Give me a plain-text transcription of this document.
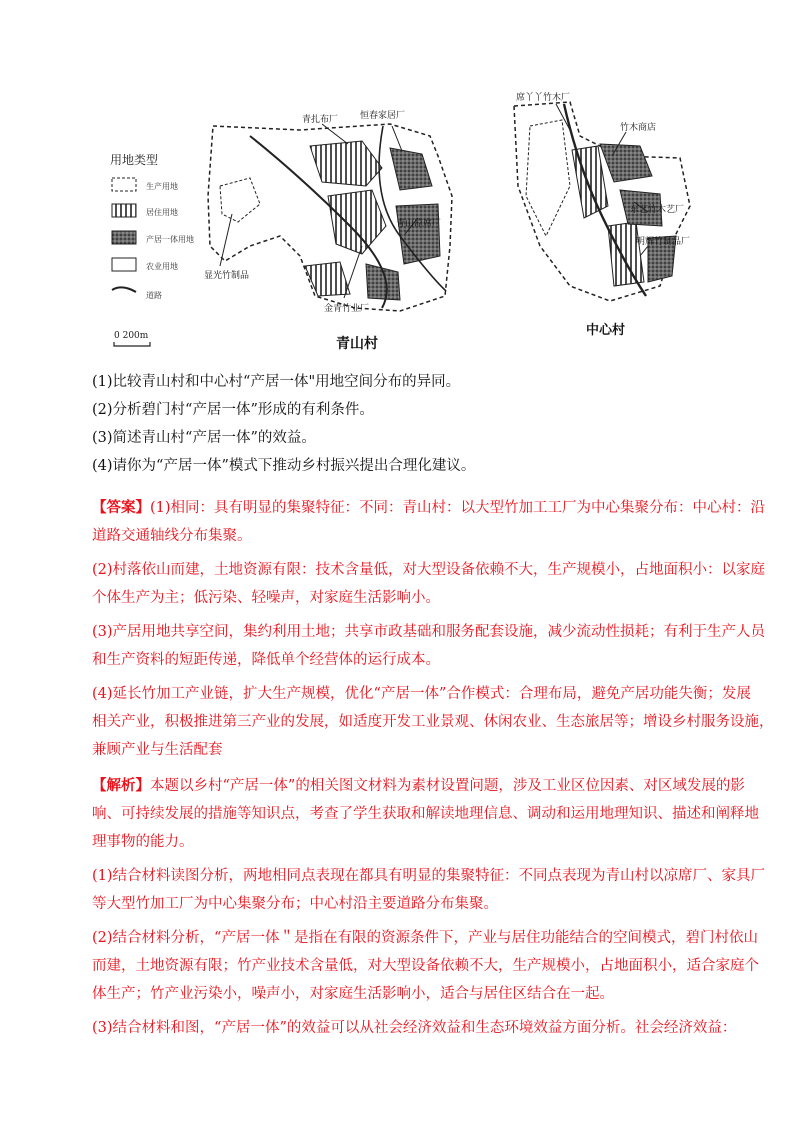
用地类型
生产用地
居住用地
产居一体用地
农业用地
道路
0 200m
青扎布厂 恒春家居厂
青山凉席厂
金青竹业厂
显光竹制品
青山村
席丫丫竹木厂
竹木商店
东艺竹木艺厂
明辉竹制品厂
中心村
(1)比较青山村和中心村“产居一体"用地空间分布的异同。
(2)分析碧门村“产居一体”形成的有利条件。
(3)简述青山村“产居一体”的效益。
(4)请你为“产居一体”模式下推动乡村振兴提出合理化建议。
【答案】(1)相同：具有明显的集聚特征：不同：青山村：以大型竹加工工厂为中心集聚分布：中心村：沿
道路交通轴线分布集聚。
(2)村落依山而建，土地资源有限：技术含量低，对大型设备依赖不大，生产规模小，占地面积小：以家庭
个体生产为主；低污染、轻噪声，对家庭生活影响小。
(3)产居用地共享空间，集约利用土地；共享市政基础和服务配套设施，减少流动性损耗；有利于生产人员
和生产资料的短距传递，降低单个经营体的运行成本。
(4)延长竹加工产业链，扩大生产规模，优化“产居一体”合作模式：合理布局，避免产居功能失衡；发展
相关产业，积极推进第三产业的发展，如适度开发工业景观、休闲农业、生态旅居等；增设乡村服务设施，
兼顾产业与生活配套
【解析】本题以乡村“产居一体”的相关图文材料为素材设置问题，涉及工业区位因素、对区域发展的影
响、可持续发展的措施等知识点，考查了学生获取和解读地理信息、调动和运用地理知识、描述和阐释地
理事物的能力。
(1)结合材料读图分析，两地相同点表现在都具有明显的集聚特征：不同点表现为青山村以凉席厂、家具厂
等大型竹加工厂为中心集聚分布；中心村沿主要道路分布集聚。
(2)结合材料分析，“产居一体＂是指在有限的资源条件下，产业与居住功能结合的空间模式，碧门村依山
而建，土地资源有限；竹产业技术含量低，对大型设备依赖不大，生产规模小，占地面积小，适合家庭个
体生产；竹产业污染小，噪声小，对家庭生活影响小，适合与居住区结合在一起。
(3)结合材料和图，“产居一体”的效益可以从社会经济效益和生态环境效益方面分析。社会经济效益：
